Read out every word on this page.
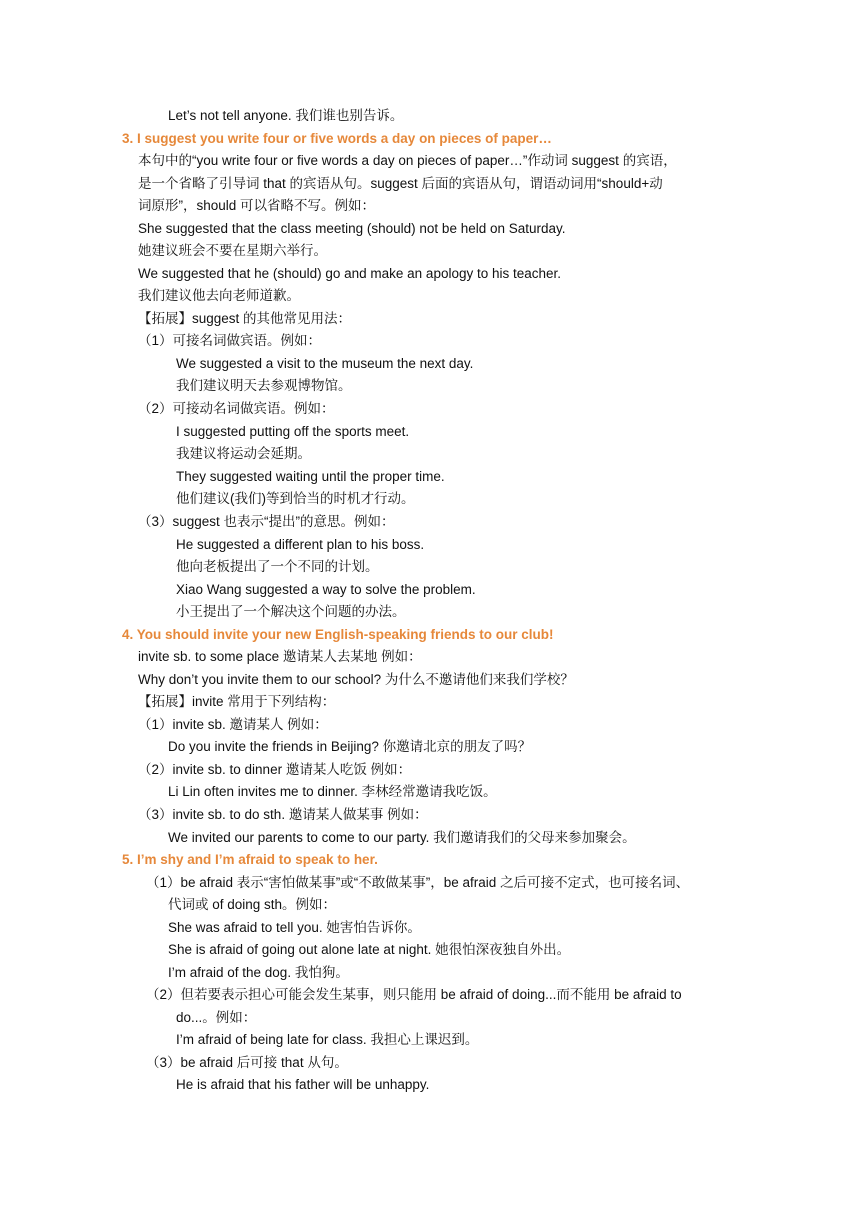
Let’s not tell anyone. 我们谁也别告诉。
3. I suggest you write four or five words a day on pieces of paper…
本句中的“you write four or five words a day on pieces of paper…”作动词 suggest 的宾语，
是一个省略了引导词 that 的宾语从句。suggest 后面的宾语从句，谓语动词用“should+动
词原形”，should 可以省略不写。例如：
She suggested that the class meeting (should) not be held on Saturday.
她建议班会不要在星期六举行。
We suggested that he (should) go and make an apology to his teacher.
我们建议他去向老师道歉。
【拓展】suggest 的其他常见用法：
（1）可接名词做宾语。例如：
We suggested a visit to the museum the next day.
我们建议明天去参观博物馆。
（2）可接动名词做宾语。例如：
I suggested putting off the sports meet.
我建议将运动会延期。
They suggested waiting until the proper time.
他们建议(我们)等到恰当的时机才行动。
（3）suggest 也表示“提出”的意思。例如：
He suggested a different plan to his boss.
他向老板提出了一个不同的计划。
Xiao Wang suggested a way to solve the problem.
小王提出了一个解决这个问题的办法。
4. You should invite your new English-speaking friends to our club!
invite sb. to some place 邀请某人去某地 例如：
Why don’t you invite them to our school? 为什么不邀请他们来我们学校？
【拓展】invite 常用于下列结构：
（1）invite sb. 邀请某人 例如：
Do you invite the friends in Beijing? 你邀请北京的朋友了吗？
（2）invite sb. to dinner 邀请某人吃饭 例如：
Li Lin often invites me to dinner. 李林经常邀请我吃饭。
（3）invite sb. to do sth. 邀请某人做某事 例如：
We invited our parents to come to our party. 我们邀请我们的父母来参加聚会。
5. I’m shy and I’m afraid to speak to her.
（1）be afraid 表示“害怕做某事”或“不敢做某事”，be afraid 之后可接不定式，也可接名词、
代词或 of doing sth。例如：
She was afraid to tell you. 她害怕告诉你。
She is afraid of going out alone late at night. 她很怕深夜独自外出。
I’m afraid of the dog. 我怕狗。
（2）但若要表示担心可能会发生某事，则只能用 be afraid of doing...而不能用 be afraid to
do...。例如：
I’m afraid of being late for class. 我担心上课迟到。
（3）be afraid 后可接 that 从句。
He is afraid that his father will be unhappy.
